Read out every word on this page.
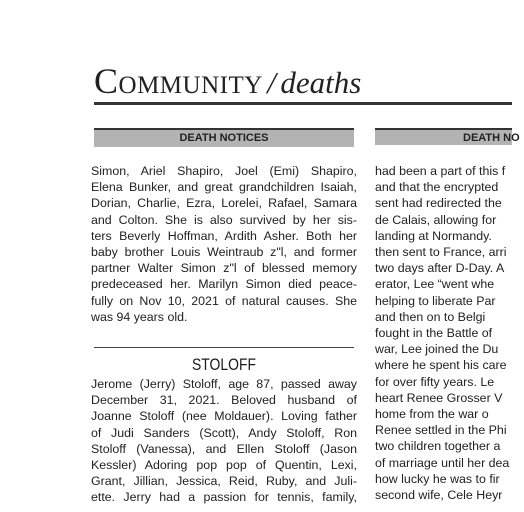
Community / deaths
DEATH NOTICES	DEATH NO
Simon, Ariel Shapiro, Joel (Emi) Shapiro,
Elena Bunker, and great grandchildren Isaiah,
Dorian, Charlie, Ezra, Lorelei, Rafael, Samara
and Colton. She is also survived by her sis-
ters Beverly Hoffman, Ardith Asher. Both her
baby brother Louis Weintraub z"l, and former
partner Walter Simon z"l of blessed memory
predeceased her. Marilyn Simon died peace-
fully on Nov 10, 2021 of natural causes. She
was 94 years old.
STOLOFF
Jerome (Jerry) Stoloff, age 87, passed away
December 31, 2021. Beloved husband of
Joanne Stoloff (nee Moldauer). Loving father
of Judi Sanders (Scott), Andy Stoloff, Ron
Stoloff (Vanessa), and Ellen Stoloff (Jason
Kessler) Adoring pop pop of Quentin, Lexi,
Grant, Jillian, Jessica, Reid, Ruby, and Juli-
ette. Jerry had a passion for tennis, family,
had been a part of this f
and that the encrypted
sent had redirected the
de Calais, allowing for
landing at Normandy.
then sent to France, arri
two days after D-Day. A
erator, Lee “went whe
helping to liberate Par
and then on to Belgi
fought in the Battle of
war, Lee joined the Du
where he spent his care
for over fifty years. Le
heart Renee Grosser V
home from the war o
Renee settled in the Phi
two children together a
of marriage until her dea
how lucky he was to fir
second wife, Cele Heyr
